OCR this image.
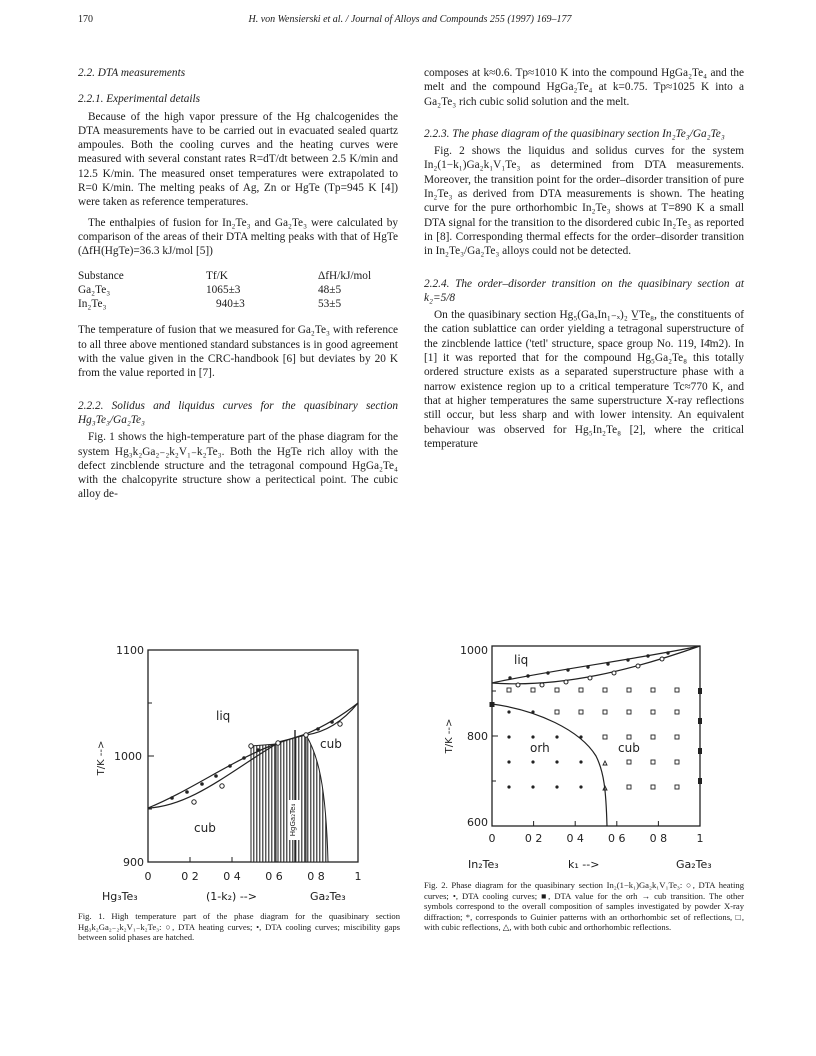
170	H. von Wensierski et al. / Journal of Alloys and Compounds 255 (1997) 169–177
2.2. DTA measurements
2.2.1. Experimental details

Because of the high vapor pressure of the Hg chalcogenides the DTA measurements have to be carried out in evacuated sealed quartz ampoules. Both the cooling curves and the heating curves were measured with several constant rates R=dT/dt between 2.5 K/min and 12.5 K/min. The measured onset temperatures were extrapolated to R=0 K/min. The melting peaks of Ag, Zn or HgTe (Tp=945 K [4]) were taken as reference temperatures.

The enthalpies of fusion for In₂Te₃ and Ga₂Te₃ were calculated by comparison of the areas of their DTA melting peaks with that of HgTe (ΔfH(HgTe)=36.3 kJ/mol [5])

Substance	Tf/K	ΔfH/kJ/mol
Ga₂Te₃	1065±3	48±5
In₂Te₃	940±3	53±5

The temperature of fusion that we measured for Ga₂Te₃ with reference to all three above mentioned standard substances is in good agreement with the value given in the CRC-handbook [6] but deviates by 20 K from the value reported in [7].

2.2.2. Solidus and liquidus curves for the quasibinary section Hg₃Te₃/Ga₂Te₃

Fig. 1 shows the high-temperature part of the phase diagram for the system Hg₃k₂Ga₂₋₂k₂V₁₋k₂Te₃. Both the HgTe rich alloy with the defect zincblende structure and the tetragonal compound HgGa₂Te₄ with the chalcopyrite structure show a peritectical point. The cubic alloy de-

composes at k≈0.6. Tp≈1010 K into the compound HgGa₂Te₄ and the melt and the compound HgGa₂Te₄ at k=0.75. Tp≈1025 K into a Ga₂Te₃ rich cubic solid solution and the melt.

2.2.3. The phase diagram of the quasibinary section In₂Te₃/Ga₂Te₃

Fig. 2 shows the liquidus and solidus curves for the system In₂(1−k₁)Ga₂k₁V₁Te₃ as determined from DTA measurements. Moreover, the transition point for the order–disorder transition of pure In₂Te₃ as derived from DTA measurements is shown. The heating curve for the pure orthorhombic In₂Te₃ shows at T=890 K a small DTA signal for the transition to the disordered cubic In₂Te₃ as reported in [8]. Corresponding thermal effects for the order–disorder transition in In₂Te₃/Ga₂Te₃ alloys could not be detected.

2.2.4. The order–disorder transition on the quasibinary section at k₂=5/8

On the quasibinary section Hg₅(GaₓIn₁₋ₓ)₂ V̲Te₈, the constituents of the cation sublattice can order yielding a tetragonal superstructure of the zincblende lattice ('tetl' structure, space group No. 119, I4̄m2). In [1] it was reported that for the compound Hg₅Ga₂Te₈ this totally ordered structure exists as a separated superstructure phase with a narrow existence region up to a critical temperature Tc≈770 K, and that at higher temperatures the same superstructure X-ray reflections still occur, but less sharp and with lower intensity. An equivalent behaviour was observed for Hg₅In₂Te₈ [2], where the critical temperature

HgGa₂Te₄
1100
1000
900
T/K -->
0	0 2 0 4 0 6 0 8	1
liq
cub
cub
Hg₃Te₃	(1-k₂) -->	Ga₂Te₃
Fig. 1. High temperature part of the phase diagram for the quasibinary section Hg₃k₂Ga₂₋₂k₂V₁₋k₂Te₃: ○, DTA heating curves; •, DTA cooling curves; miscibility gaps between solid phases are hatched.
1000
800
600
T/K -->
0	0 2 0 4 0 6 0 8	1
liq
orh	cub
In₂Te₃	k₁ -->	Ga₂Te₃
Fig. 2. Phase diagram for the quasibinary section In₂(1−k₁)Ga₂k₁V₁Te₃: ○, DTA heating curves; •, DTA cooling curves; ■, DTA value for the orh → cub transition. The other symbols correspond to the overall composition of samples investigated by powder X-ray diffraction; *, corresponds to Guinier patterns with an orthorhombic set of reflections, □, with cubic reflections, △, with both cubic and orthorhombic reflections.
